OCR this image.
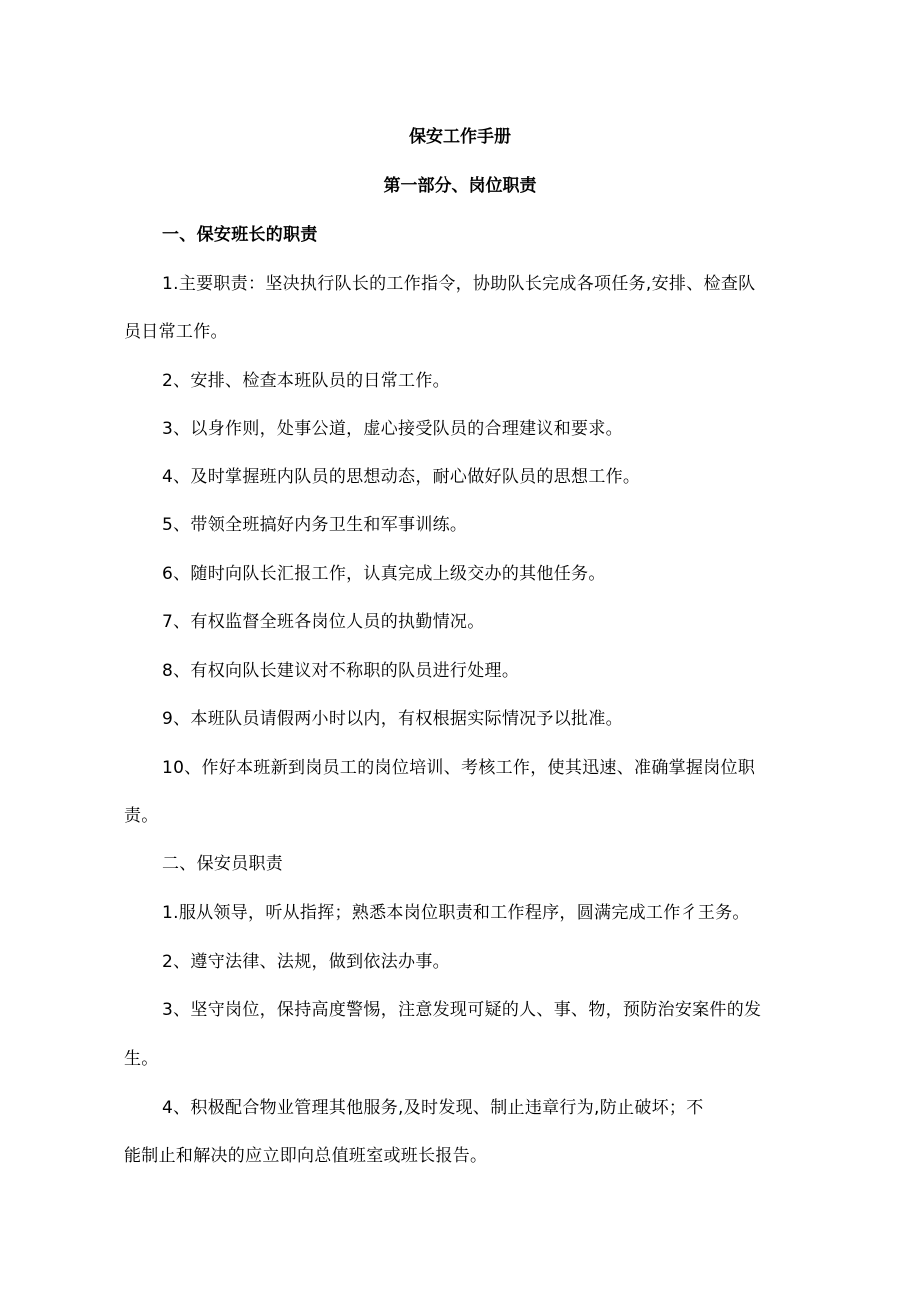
保安工作手册
第一部分、岗位职责
一、保安班长的职责
1.主要职责：坚决执行队长的工作指令，协助队长完成各项任务,安排、检查队
员日常工作。
2、安排、检查本班队员的日常工作。
3、以身作则，处事公道，虚心接受队员的合理建议和要求。
4、及时掌握班内队员的思想动态，耐心做好队员的思想工作。
5、带领全班搞好内务卫生和军事训练。
6、随时向队长汇报工作，认真完成上级交办的其他任务。
7、有权监督全班各岗位人员的执勤情况。
8、有权向队长建议对不称职的队员进行处理。
9、本班队员请假两小时以内，有权根据实际情况予以批准。
10、作好本班新到岗员工的岗位培训、考核工作，使其迅速、准确掌握岗位职
责。
二、保安员职责
1.服从领导，听从指挥；熟悉本岗位职责和工作程序，圆满完成工作彳王务。
2、遵守法律、法规，做到依法办事。
3、坚守岗位，保持高度警惕，注意发现可疑的人、事、物，预防治安案件的发
生。
4、积极配合物业管理其他服务,及时发现、制止违章行为,防止破坏；不
能制止和解决的应立即向总值班室或班长报告。
